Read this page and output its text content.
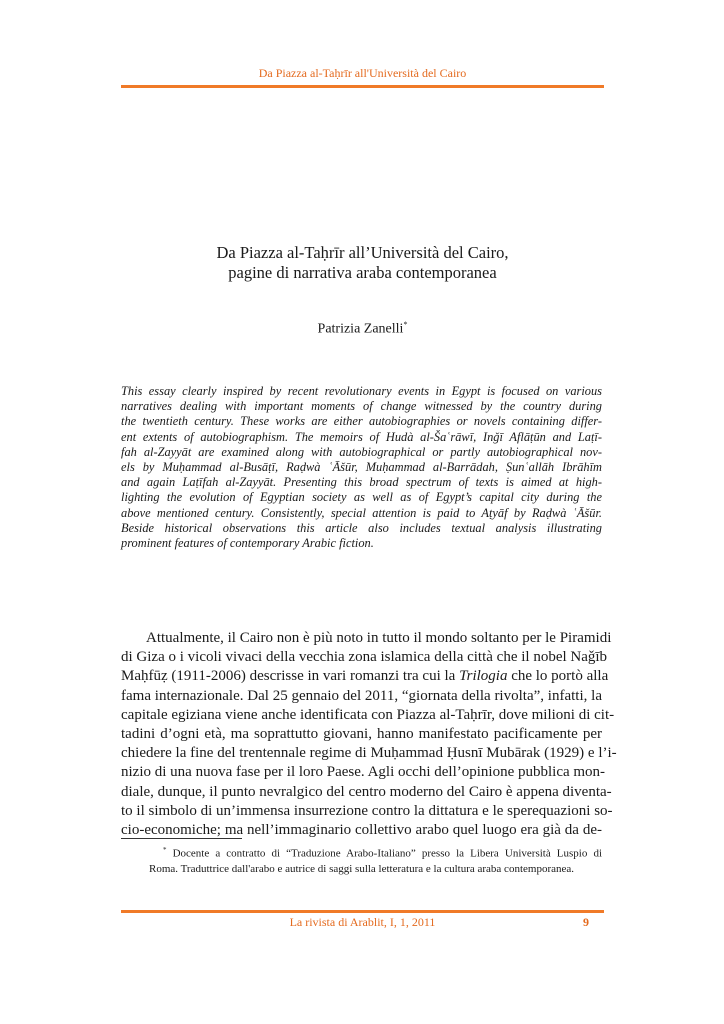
Da Piazza al-Taḥrīr all'Università del Cairo
Da Piazza al-Taḥrīr all’Università del Cairo,
pagine di narrativa araba contemporanea
Patrizia Zanelli*
This essay clearly inspired by recent revolutionary events in Egypt is focused on various
narratives dealing with important moments of change witnessed by the country during
the twentieth century. These works are either autobiographies or novels containing differ-
ent extents of autobiographism. The memoirs of Hudà al-Šaʿrāwī, Inǧī Aflāṭūn and Laṭī-
fah al-Zayyāt are examined along with autobiographical or partly autobiographical nov-
els by Muḥammad al-Busāṭī, Raḍwà ʿĀšūr, Muḥammad al-Barrādah, Ṣunʿallāh Ibrāhīm
and again Laṭīfah al-Zayyāt. Presenting this broad spectrum of texts is aimed at high-
lighting the evolution of Egyptian society as well as of Egypt’s capital city during the
above mentioned century. Consistently, special attention is paid to Aṭyāf by Raḍwà ʿĀšūr.
Beside historical observations this article also includes textual analysis illustrating
prominent features of contemporary Arabic fiction.
Attualmente, il Cairo non è più noto in tutto il mondo soltanto per le Piramidi
di Giza o i vicoli vivaci della vecchia zona islamica della città che il nobel Naǧīb
Maḥfūẓ (1911-2006) descrisse in vari romanzi tra cui la Trilogia che lo portò alla
fama internazionale. Dal 25 gennaio del 2011, “giornata della rivolta”, infatti, la
capitale egiziana viene anche identificata con Piazza al-Taḥrīr, dove milioni di cit-
tadini d’ogni età, ma soprattutto giovani, hanno manifestato pacificamente per
chiedere la fine del trentennale regime di Muḥammad Ḥusnī Mubārak (1929) e l’i-
nizio di una nuova fase per il loro Paese. Agli occhi dell’opinione pubblica mon-
diale, dunque, il punto nevralgico del centro moderno del Cairo è appena diventa-
to il simbolo di un’immensa insurrezione contro la dittatura e le sperequazioni so-
cio-economiche; ma nell’immaginario collettivo arabo quel luogo era già da de-
* Docente a contratto di “Traduzione Arabo-Italiano” presso la Libera Università Luspio di
Roma. Traduttrice dall'arabo e autrice di saggi sulla letteratura e la cultura araba contemporanea.
La rivista di Arablit, I, 1, 2011	9
